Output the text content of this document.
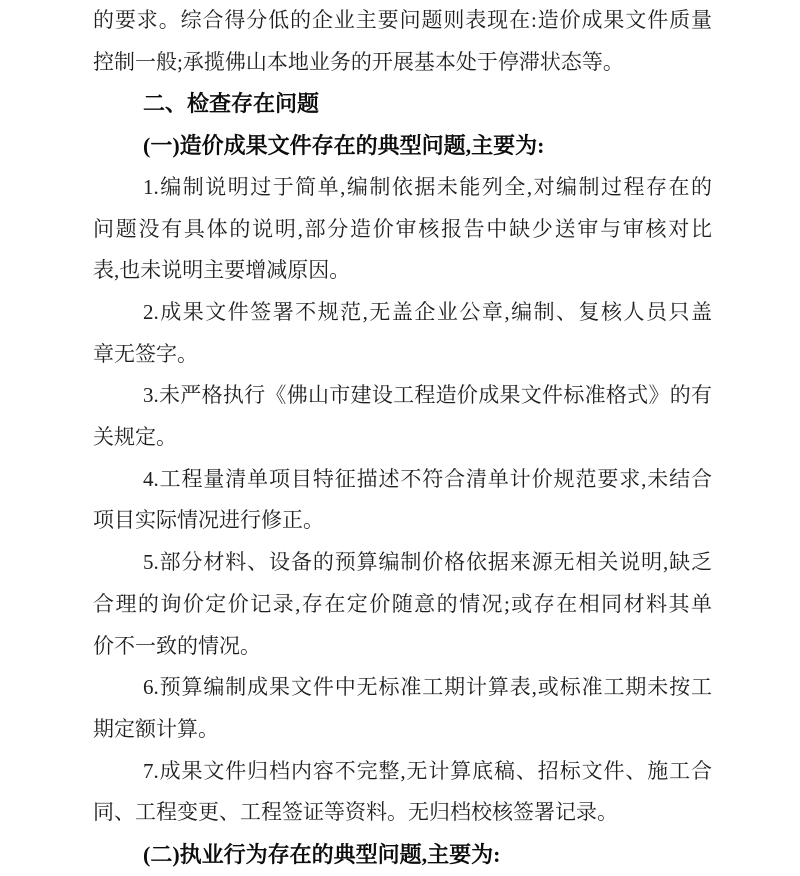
的要求。综合得分低的企业主要问题则表现在:造价成果文件质量
控制一般;承揽佛山本地业务的开展基本处于停滞状态等。
二、检查存在问题
(一)造价成果文件存在的典型问题,主要为:
1.编制说明过于简单,编制依据未能列全,对编制过程存在的
问题没有具体的说明,部分造价审核报告中缺少送审与审核对比
表,也未说明主要增减原因。
2.成果文件签署不规范,无盖企业公章,编制、复核人员只盖
章无签字。
3.未严格执行《佛山市建设工程造价成果文件标准格式》的有
关规定。
4.工程量清单项目特征描述不符合清单计价规范要求,未结合
项目实际情况进行修正。
5.部分材料、设备的预算编制价格依据来源无相关说明,缺乏
合理的询价定价记录,存在定价随意的情况;或存在相同材料其单
价不一致的情况。
6.预算编制成果文件中无标准工期计算表,或标准工期未按工
期定额计算。
7.成果文件归档内容不完整,无计算底稿、招标文件、施工合
同、工程变更、工程签证等资料。无归档校核签署记录。
(二)执业行为存在的典型问题,主要为:
